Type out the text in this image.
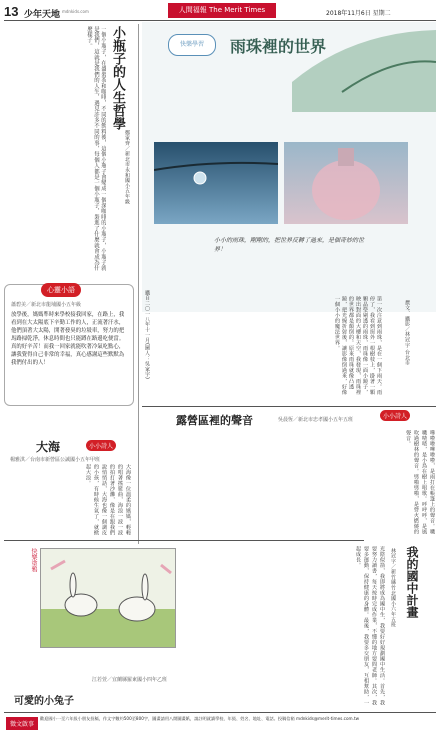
13 少年天地 mdnkids.com	人間福報 The Merit Times	2018年11月6日 星期二
一個小瓶子，在盛裝茶和咖啡，不同的飲料後，這個小瓶子會變成一個深咖啡的小瓶子，小瓶子就是我們，這就是我們的人生，遇見許多不同的事，每個人都是一個小瓶子，裝進了什麼就會成為什麼樣子。	小瓶子的人生哲學
鄭家齊／新北市永和國小五年級
心靈小語
蕭碧美／新北市龍埔國小五年級
放學後，媽媽準時來學校接我回家，在路上，我看到在大太陽底下辛勤工作的人，正流著汗水，他們頂著大太陽，開著發臭的垃圾車，努力的把馬路掃乾淨，休息時間也只能蹲在路邊吃便當。真的好辛苦！而我一回家就能吹著冷氣吃點心，讓我覺得自己非常的幸福，真心感謝這些默默為我們付出的人！
快樂學習	雨珠裡的世界
小小的雨珠，剛剛的，把世界反轉了過來，是個奇妙的世界！
攝自二〇一八年十一月(圖人：吳家宇)	第一次注意到雨珠，是在一個下雨天。雨停了，我看到窗外一根樹枝上，掛著一顆顆晶瑩剔透的雨珠，雨珠像一面小鏡子，映出對面的大樓和天空，我發現，雨珠裡的世界都是顛倒的。原來雨珠就像凸透鏡，把光線折射後，讓影像倒過來，好像一個小小的魔法世界。	撰文、攝影／林冠宇 台北市
露營區裡的聲音	小小詩人
吳晨恆／新北市忠孝國小五年五班
嘩啦啦嘩啦啦，是雨打在帳篷上的聲音。嘰嘰喳喳，是小鳥在樹上唱歌。呼呼呼，是風吹過樹林的聲音。劈啪劈啪，是營火燃燒的聲音。
大海	小小詩人
楊雅淇／台南市新營區公誠國小五年甲班
大海像一位溫柔的媽媽，輕輕的唱著搖籃曲，海浪一波一波的拍打著沙灘，像是在跟我們說悄悄話，大海也像一個調皮的小孩，有時候生氣了，就掀起大浪。
快樂塗鴉
可愛的小兔子
江若萱／宜蘭縣羅東國小四年乙班	光陰似箭，我即將成為國中生，我要好好規劃國中生活。首先，我要努力讀書，每天按時完成作業，不懂的地方要問老師。其次，我要多運動，保持健康的身體。最後，我要多交朋友，互相幫助，一起成長。	我的國中計畫
林冠字／新竹縣竹北國小六年五班
徵文啟事
歡迎國小一至六年級小朋友投稿，作文字數約500至800字，圖畫請用八開圖畫紙，請註明就讀學校、年級、姓名、地址、電話。投稿信箱 mdnkids@merit-times.com.tw
